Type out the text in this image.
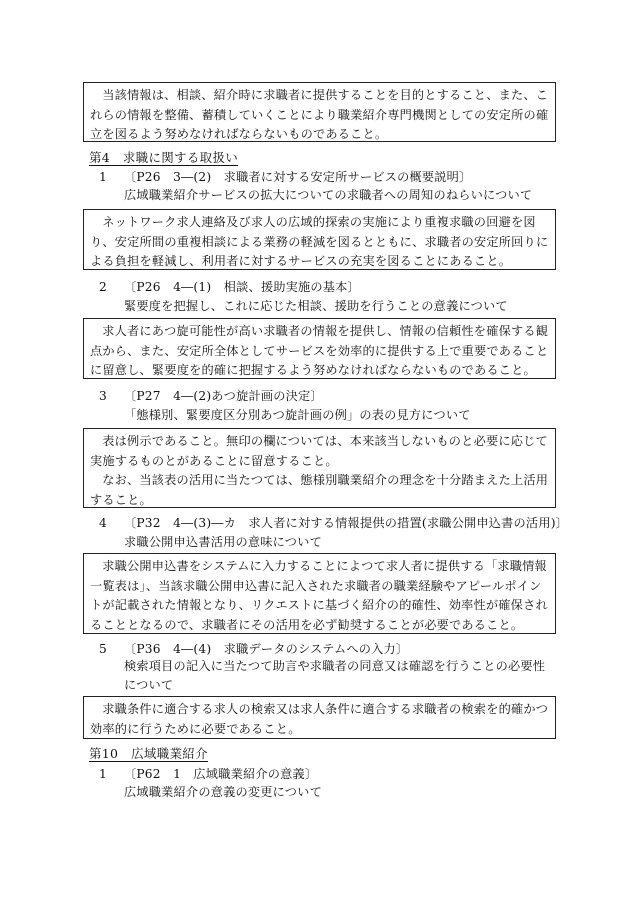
当該情報は、相談、紹介時に求職者に提供することを目的とすること、また、これらの情報を整備、蓄積していくことにより職業紹介専門機関としての安定所の確立を図るよう努めなければならないものであること。

第4　求職に関する取扱い
1 〔P26　3―(2)　求職者に対する安定所サービスの概要説明〕
広域職業紹介サービスの拡大についての求職者への周知のねらいについて

ネットワーク求人連絡及び求人の広域的探索の実施により重複求職の回避を図り、安定所間の重複相談による業務の軽減を図るとともに、求職者の安定所回りによる負担を軽減し、利用者に対するサービスの充実を図ることにあること。

2 〔P26　4―(1)　相談、援助実施の基本〕
緊要度を把握し、これに応じた相談、援助を行うことの意義について

求人者にあつ旋可能性が高い求職者の情報を提供し、情報の信頼性を確保する観点から、また、安定所全体としてサービスを効率的に提供する上で重要であることに留意し、緊要度を的確に把握するよう努めなければならないものであること。

3 〔P27　4―(2)あつ旋計画の決定〕
「態様別、緊要度区分別あつ旋計画の例」の表の見方について

表は例示であること。無印の欄については、本来該当しないものと必要に応じて実施するものとがあることに留意すること。

なお、当該表の活用に当たつては、態様別職業紹介の理念を十分踏まえた上活用すること。

4 〔P32　4―(3)―カ　求人者に対する情報提供の措置(求職公開申込書の活用)〕
求職公開申込書活用の意味について

求職公開申込書をシステムに入力することによつて求人者に提供する「求職情報一覧表は」、当該求職公開申込書に記入された求職者の職業経験やアピールポイントが記載された情報となり、リクエストに基づく紹介の的確性、効率性が確保されることとなるので、求職者にその活用を必ず勧奨することが必要であること。

5 〔P36　4―(4)　求職データのシステムへの入力〕
検索項目の記入に当たつて助言や求職者の同意又は確認を行うことの必要性について

求職条件に適合する求人の検索又は求人条件に適合する求職者の検索を的確かつ効率的に行うために必要であること。

第10　広域職業紹介
1 〔P62　1　広域職業紹介の意義〕
広域職業紹介の意義の変更について
